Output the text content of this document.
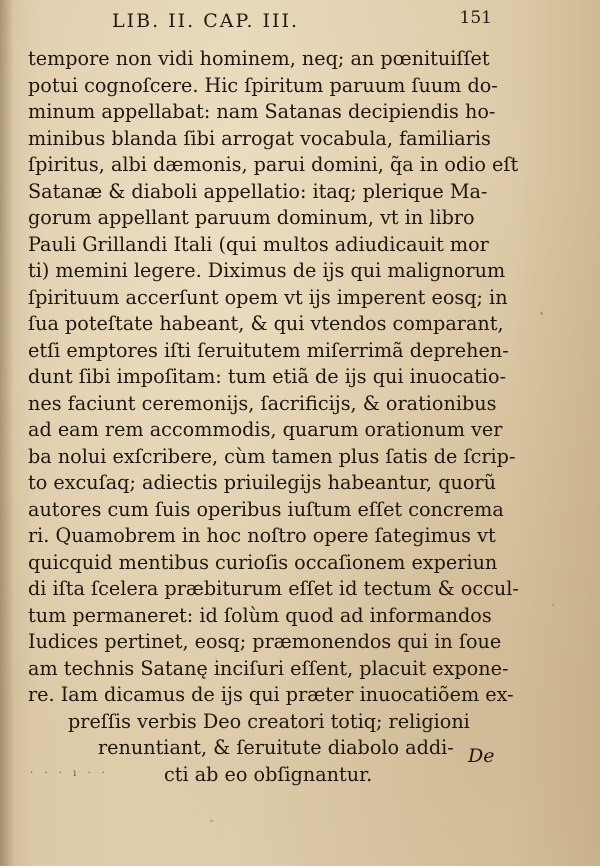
LIB. II. CAP. III.	151
tempore non vidi hominem, neq; an pœnituiſſet
potui cognoſcere. Hic ſpiritum paruum ſuum do-
minum appellabat: nam Satanas decipiendis ho-
minibus blanda ſibi arrogat vocabula, familiaris
ſpiritus, albi dæmonis, parui domini, q̃a in odio eſt
Satanæ & diaboli appellatio: itaq; plerique Ma-
gorum appellant paruum dominum, vt in libro
Pauli Grillandi Itali (qui multos adiudicauit mor
ti) memini legere. Diximus de ijs qui malignorum
ſpirituum accerſunt opem vt ijs imperent eosq; in
ſua poteſtate habeant, & qui vtendos comparant,
etſi emptores iſti ſeruitutem miſerrimã deprehen-
dunt ſibi impoſitam: tum etiã de ijs qui inuocatio-
nes faciunt ceremonijs, ſacrificijs, & orationibus
ad eam rem accommodis, quarum orationum ver
ba nolui exſcribere, cùm tamen plus ſatis de ſcrip-
to excuſaq; adiectis priuilegijs habeantur, quorũ
autores cum ſuis operibus iuſtum eſſet concrema
ri. Quamobrem in hoc noſtro opere ſategimus vt
quicquid mentibus curioſis occaſionem experiun
di iſta ſcelera præbiturum eſſet id tectum & occul-
tum permaneret: id ſolùm quod ad informandos
Iudices pertinet, eosq; præmonendos qui in ſoue
am technis Satanę inciſuri eſſent, placuit expone-
re. Iam dicamus de ijs qui præter inuocatiõem ex-
preſſis verbis Deo creatori totiq; religioni
renuntiant, & ſeruitute diabolo addi-
cti ab eo obſignantur.
De
· · · ı · ·
